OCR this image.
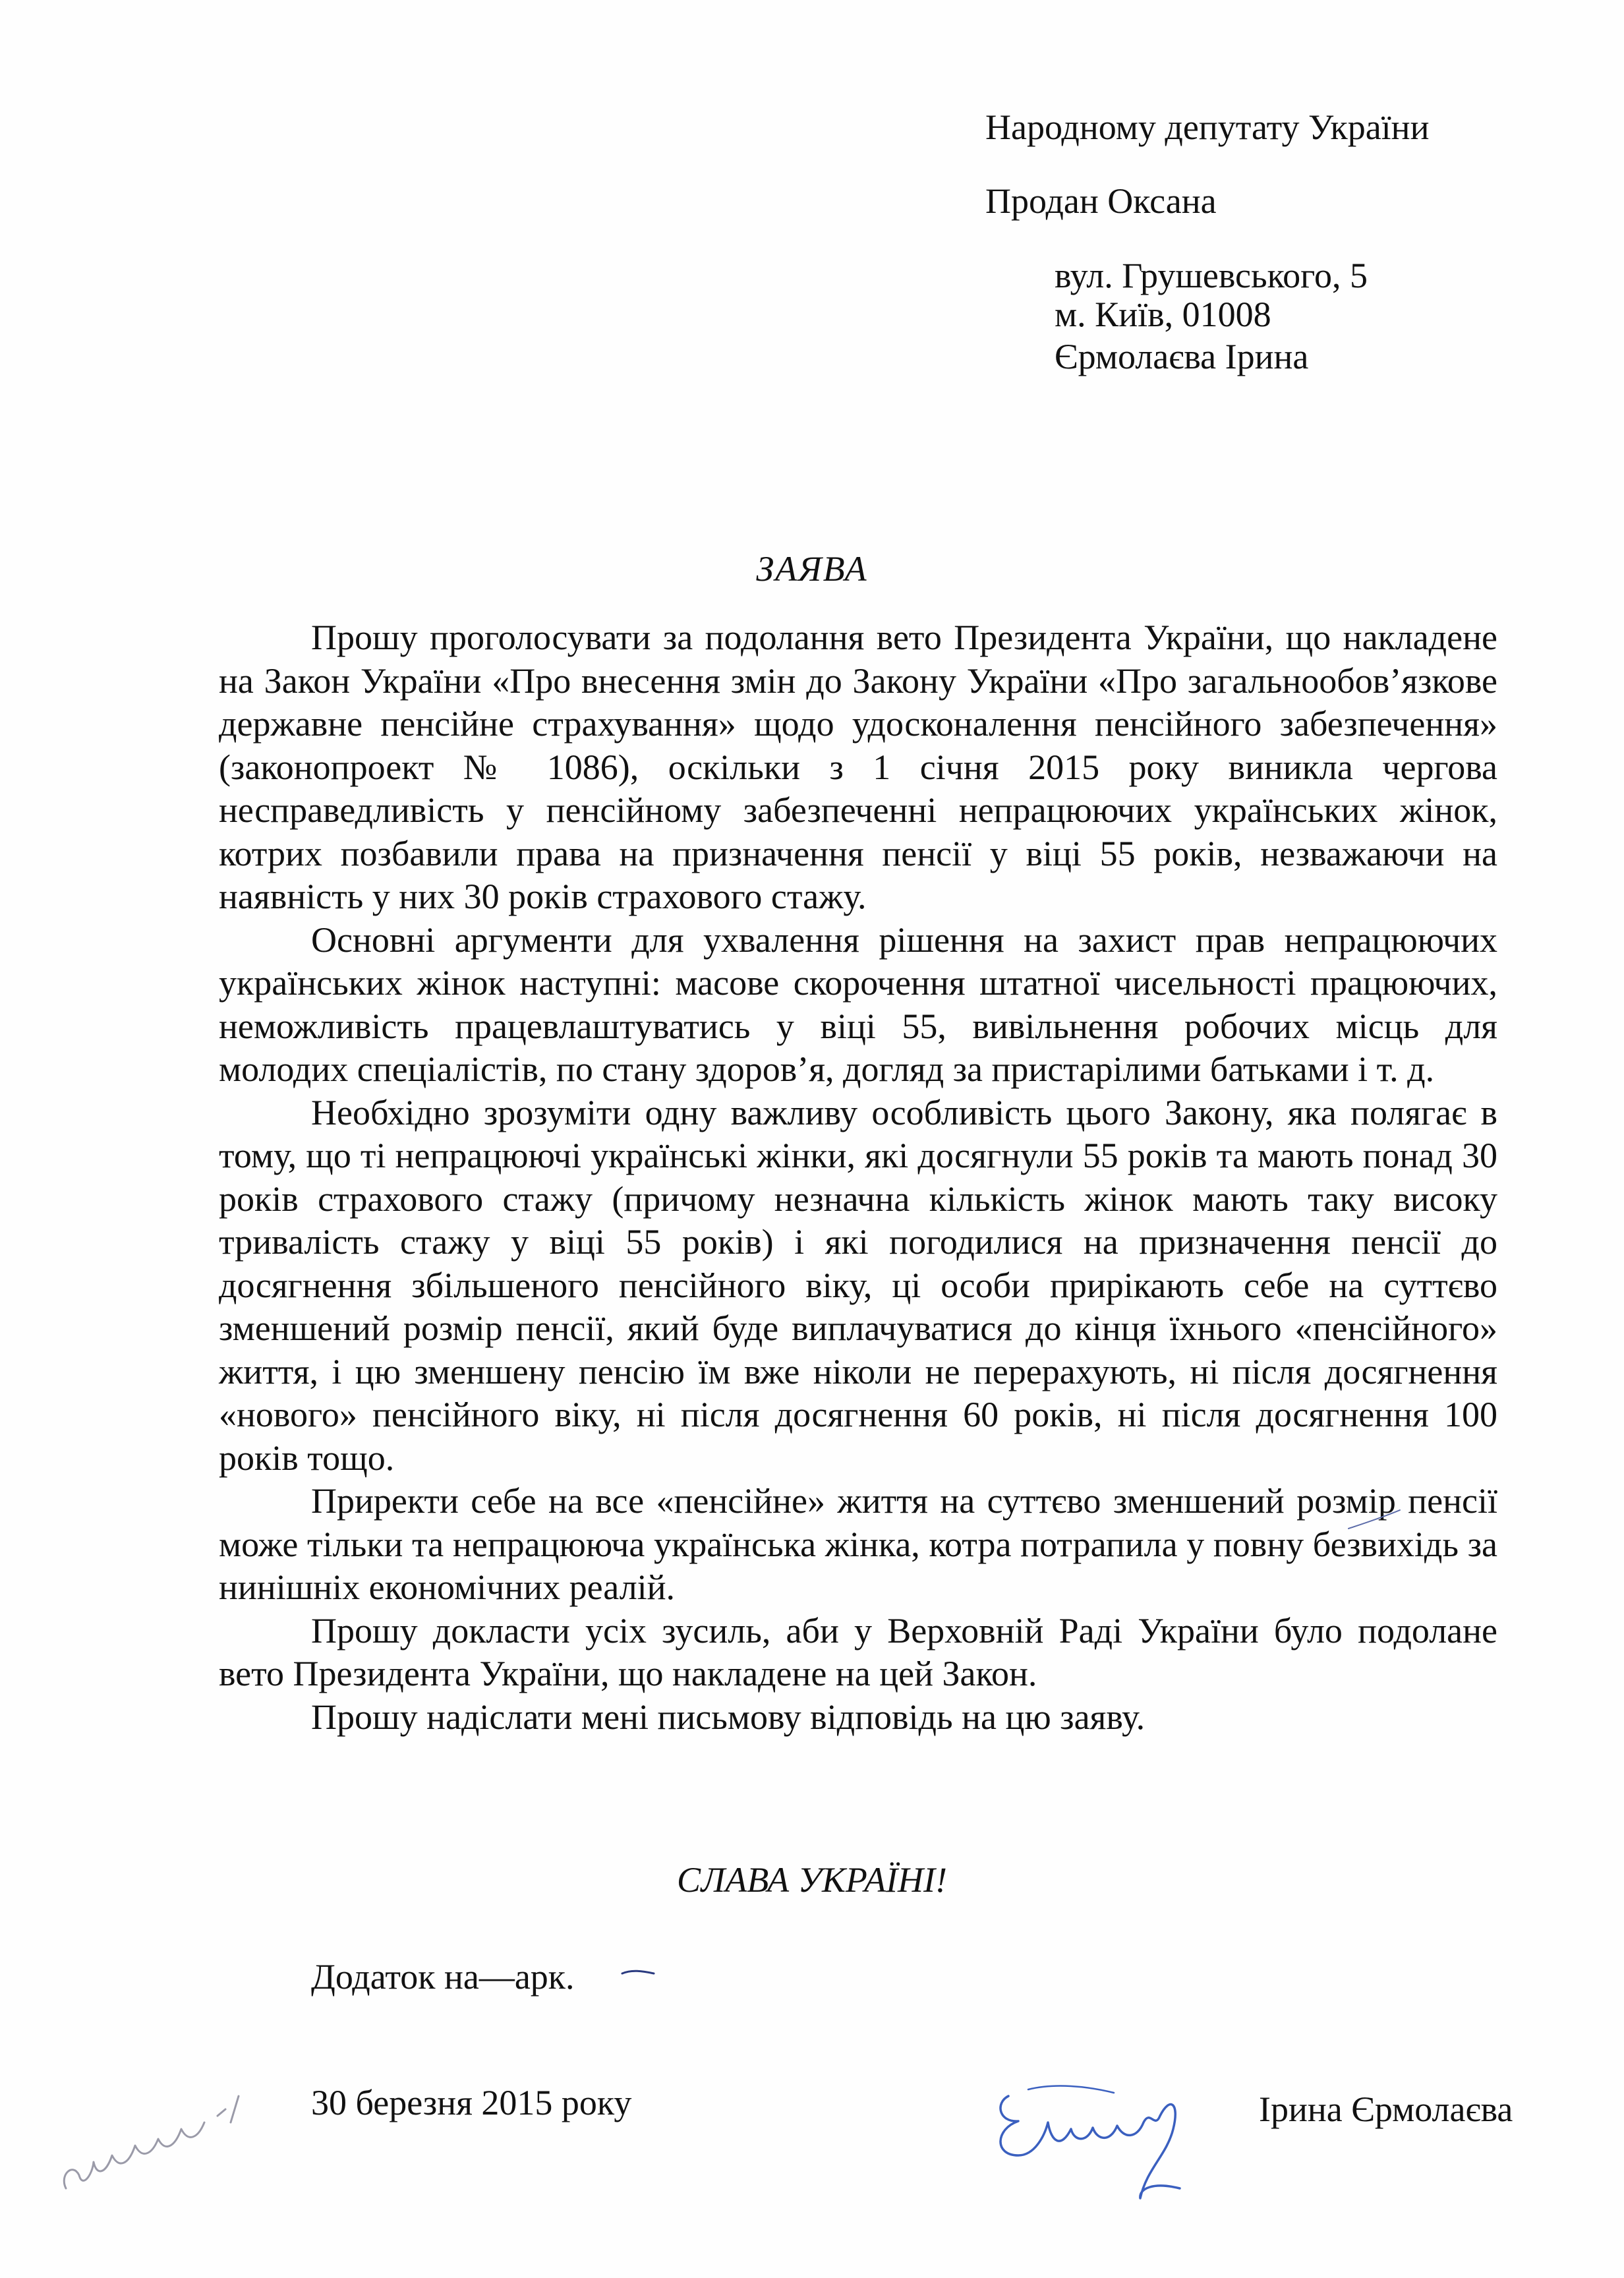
Народному депутату України
Продан Оксана
вул. Грушевського, 5
м. Київ, 01008
Єрмолаєва Ірина
ЗАЯВА

Прошу проголосувати за подолання вето Президента України, що накладене на Закон України «Про внесення змін до Закону України «Про загальнообов’язкове державне пенсійне страхування» щодо удосконалення пенсійного забезпечення» (законопроект № 1086), оскільки з 1 січня 2015 року виникла чергова несправедливість у пенсійному забезпеченні непрацюючих українських жінок, котрих позбавили права на призначення пенсії у віці 55 років, незважаючи на наявність у них 30 років страхового стажу.

Основні аргументи для ухвалення рішення на захист прав непрацюючих українських жінок наступні: масове скорочення штатної чисельності працюючих, неможливість працевлаштуватись у віці 55, вивільнення робочих місць для молодих спеціалістів, по стану здоров’я, догляд за пристарілими батьками і т. д.

Необхідно зрозуміти одну важливу особливість цього Закону, яка полягає в тому, що ті непрацюючі українські жінки, які досягнули 55 років та мають понад 30 років страхового стажу (причому незначна кількість жінок мають таку високу тривалість стажу у віці 55 років) і які погодилися на призначення пенсії до досягнення збільшеного пенсійного віку, ці особи прирікають себе на суттєво зменшений розмір пенсії, який буде виплачуватися до кінця їхнього «пенсійного» життя, і цю зменшену пенсію їм вже ніколи не перерахують, ні після досягнення «нового» пенсійного віку, ні після досягнення 60 років, ні після досягнення 100 років тощо.

Приректи себе на все «пенсійне» життя на суттєво зменшений розмір пенсії може тільки та непрацююча українська жінка, котра потрапила у повну безвихідь за нинішніх економічних реалій.

Прошу докласти усіх зусиль, аби у Верховній Раді України було подолане вето Президента України, що накладене на цей Закон.

Прошу надіслати мені письмову відповідь на цю заяву.

СЛАВА УКРАЇНІ!
Додаток на—арк.
30 березня 2015 року	Ірина Єрмолаєва
